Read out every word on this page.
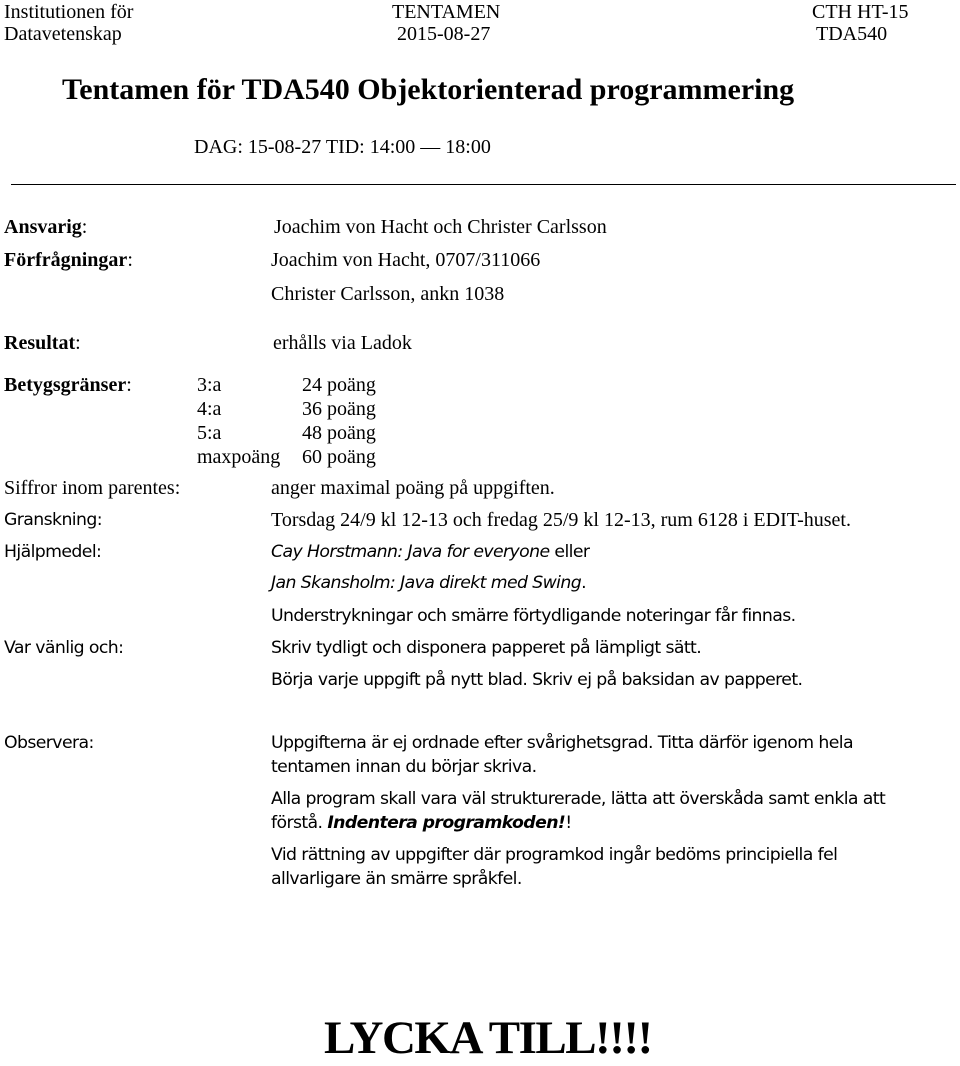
Institutionen för
Datavetenskap
TENTAMEN
2015-08-27
CTH HT-15
TDA540
Tentamen för TDA540 Objektorienterad programmering
DAG: 15-08-27 TID: 14:00 — 18:00
Ansvarig:	Joachim von Hacht och Christer Carlsson
Förfrågningar:	Joachim von Hacht, 0707/311066
Christer Carlsson, ankn 1038
Resultat:	erhålls via Ladok
Betygsgränser:	3:a	24 poäng
4:a	36 poäng
5:a	48 poäng
maxpoäng 60 poäng
Siffror inom parentes:	anger maximal poäng på uppgiften.
Granskning:	Torsdag 24/9 kl 12-13 och fredag 25/9 kl 12-13, rum 6128 i EDIT-huset.
Hjälpmedel:	Cay Horstmann: Java for everyone eller
Jan Skansholm: Java direkt med Swing.
Understrykningar och smärre förtydligande noteringar får finnas.
Var vänlig och:	Skriv tydligt och disponera papperet på lämpligt sätt.
Börja varje uppgift på nytt blad. Skriv ej på baksidan av papperet.
Observera:	Uppgifterna är ej ordnade efter svårighetsgrad. Titta därför igenom hela tentamen innan du börjar skriva.
Alla program skall vara väl strukturerade, lätta att överskåda samt enkla att förstå. Indentera programkoden!!
Vid rättning av uppgifter där programkod ingår bedöms principiella fel allvarligare än smärre språkfel.
LYCKA TILL!!!!
